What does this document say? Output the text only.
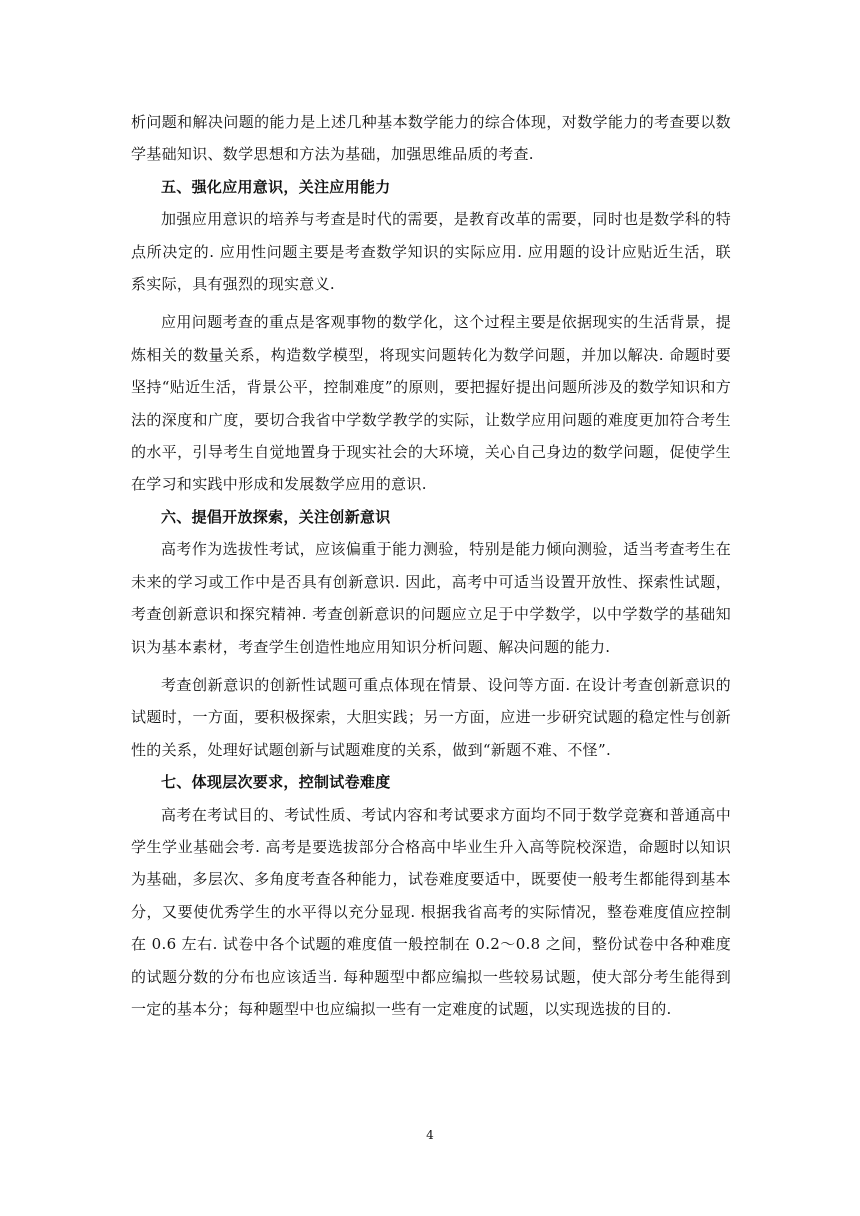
析问题和解决问题的能力是上述几种基本数学能力的综合体现，对数学能力的考查要以数学基础知识、数学思想和方法为基础，加强思维品质的考查.

五、强化应用意识，关注应用能力

加强应用意识的培养与考查是时代的需要，是教育改革的需要，同时也是数学科的特点所决定的. 应用性问题主要是考查数学知识的实际应用. 应用题的设计应贴近生活，联系实际，具有强烈的现实意义.

应用问题考查的重点是客观事物的数学化，这个过程主要是依据现实的生活背景，提炼相关的数量关系，构造数学模型，将现实问题转化为数学问题，并加以解决. 命题时要坚持“贴近生活，背景公平，控制难度”的原则，要把握好提出问题所涉及的数学知识和方法的深度和广度，要切合我省中学数学教学的实际，让数学应用问题的难度更加符合考生的水平，引导考生自觉地置身于现实社会的大环境，关心自己身边的数学问题，促使学生在学习和实践中形成和发展数学应用的意识.

六、提倡开放探索，关注创新意识

高考作为选拔性考试，应该偏重于能力测验，特别是能力倾向测验，适当考查考生在未来的学习或工作中是否具有创新意识. 因此，高考中可适当设置开放性、探索性试题，考查创新意识和探究精神. 考查创新意识的问题应立足于中学数学，以中学数学的基础知识为基本素材，考查学生创造性地应用知识分析问题、解决问题的能力.

考查创新意识的创新性试题可重点体现在情景、设问等方面. 在设计考查创新意识的试题时，一方面，要积极探索，大胆实践；另一方面，应进一步研究试题的稳定性与创新性的关系，处理好试题创新与试题难度的关系，做到“新题不难、不怪”.

七、体现层次要求，控制试卷难度

高考在考试目的、考试性质、考试内容和考试要求方面均不同于数学竞赛和普通高中学生学业基础会考. 高考是要选拔部分合格高中毕业生升入高等院校深造，命题时以知识为基础，多层次、多角度考查各种能力，试卷难度要适中，既要使一般考生都能得到基本分，又要使优秀学生的水平得以充分显现. 根据我省高考的实际情况，整卷难度值应控制在 0.6 左右. 试卷中各个试题的难度值一般控制在 0.2～0.8 之间，整份试卷中各种难度的试题分数的分布也应该适当. 每种题型中都应编拟一些较易试题，使大部分考生能得到一定的基本分；每种题型中也应编拟一些有一定难度的试题，以实现选拔的目的.

4
